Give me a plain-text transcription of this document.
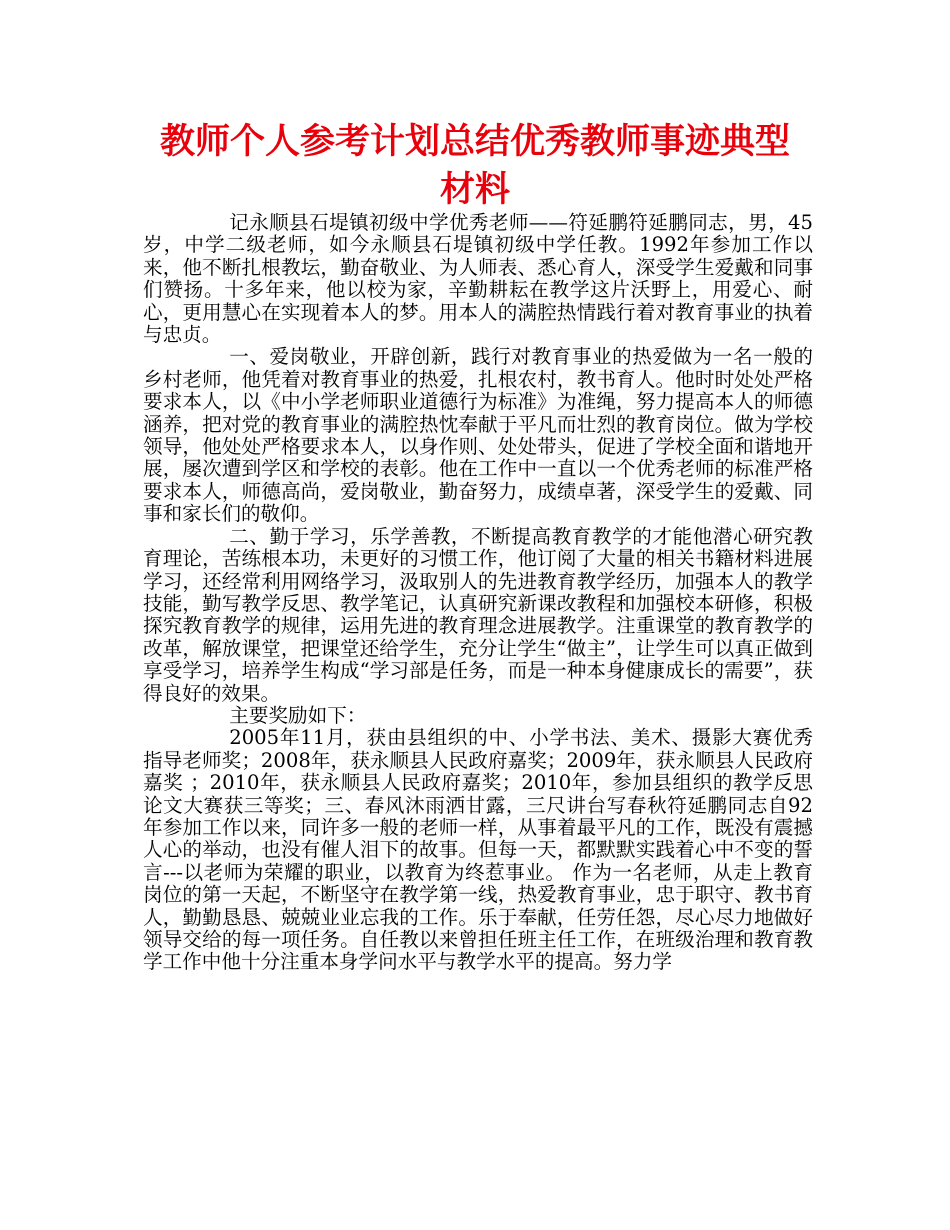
教师个人参考计划总结优秀教师事迹典型材料

记永顺县石堤镇初级中学优秀老师——符延鹏符延鹏同志，男，45岁，中学二级老师，如今永顺县石堤镇初级中学任教。1992年参加工作以来，他不断扎根教坛，勤奋敬业、为人师表、悉心育人，深受学生爱戴和同事们赞扬。十多年来，他以校为家，辛勤耕耘在教学这片沃野上，用爱心、耐心，更用慧心在实现着本人的梦。用本人的满腔热情践行着对教育事业的执着与忠贞。

一、爱岗敬业，开辟创新，践行对教育事业的热爱做为一名一般的乡村老师，他凭着对教育事业的热爱，扎根农村，教书育人。他时时处处严格要求本人，以《中小学老师职业道德行为标准》为准绳，努力提高本人的师德涵养，把对党的教育事业的满腔热忱奉献于平凡而壮烈的教育岗位。做为学校领导，他处处严格要求本人，以身作则、处处带头，促进了学校全面和谐地开展，屡次遭到学区和学校的表彰。他在工作中一直以一个优秀老师的标准严格要求本人，师德高尚，爱岗敬业，勤奋努力，成绩卓著，深受学生的爱戴、同事和家长们的敬仰。

二、勤于学习，乐学善教，不断提高教育教学的才能他潜心研究教育理论，苦练根本功，未更好的习惯工作，他订阅了大量的相关书籍材料进展学习，还经常利用网络学习，汲取别人的先进教育教学经历，加强本人的教学技能，勤写教学反思、教学笔记，认真研究新课改教程和加强校本研修，积极探究教育教学的规律，运用先进的教育理念进展教学。注重课堂的教育教学的改革，解放课堂，把课堂还给学生，充分让学生“做主”，让学生可以真正做到享受学习，培养学生构成“学习部是任务，而是一种本身健康成长的需要”，获得良好的效果。

主要奖励如下：

2005年11月，获由县组织的中、小学书法、美术、摄影大赛优秀指导老师奖；2008年，获永顺县人民政府嘉奖；2009年，获永顺县人民政府嘉奖 ；2010年，获永顺县人民政府嘉奖；2010年，参加县组织的教学反思论文大赛获三等奖；三、春风沐雨洒甘露，三尺讲台写春秋符延鹏同志自92年参加工作以来，同许多一般的老师一样，从事着最平凡的工作，既没有震撼人心的举动，也没有催人泪下的故事。但每一天，都默默实践着心中不变的誓言---以老师为荣耀的职业，以教育为终惹事业。 作为一名老师，从走上教育岗位的第一天起，不断坚守在教学第一线，热爱教育事业，忠于职守、教书育人，勤勤恳恳、兢兢业业忘我的工作。乐于奉献，任劳任怨，尽心尽力地做好领导交给的每一项任务。自任教以来曾担任班主任工作，在班级治理和教育教学工作中他十分注重本身学问水平与教学水平的提高。努力学
